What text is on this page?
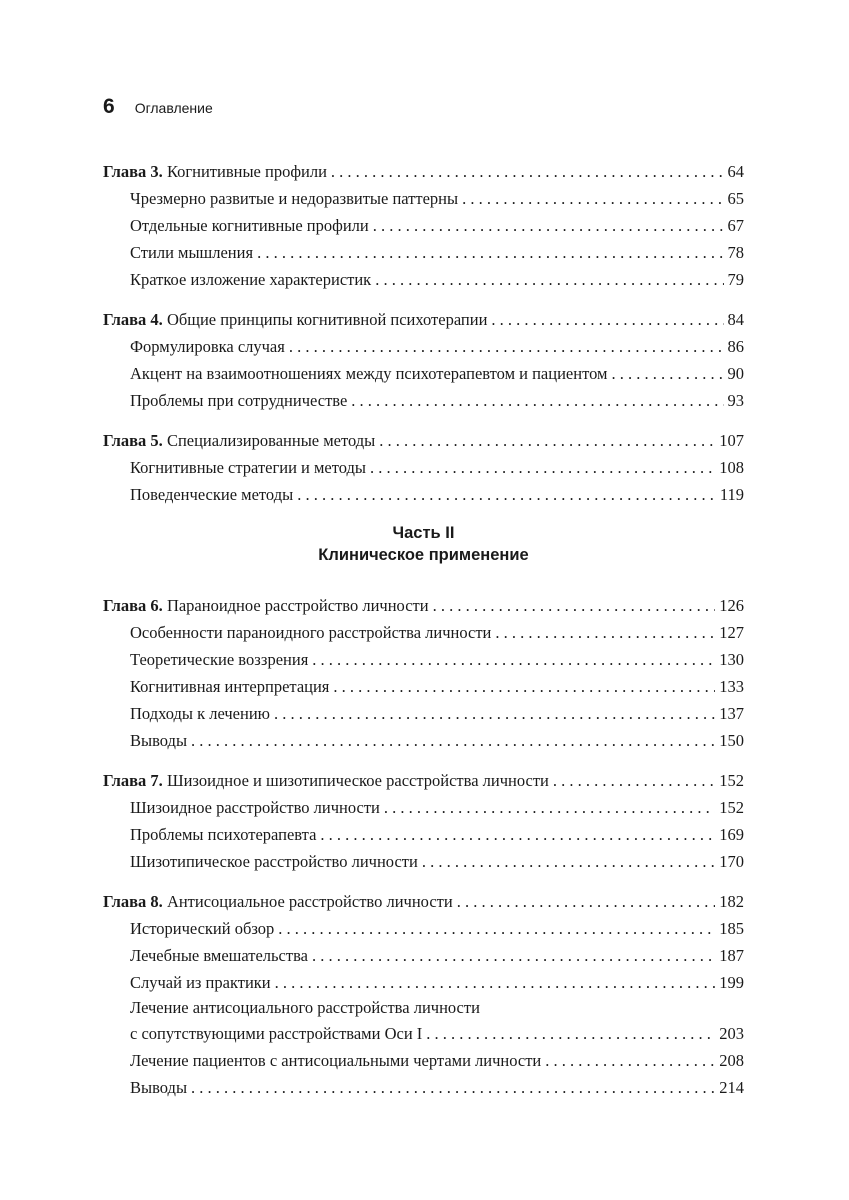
6 Оглавление
Глава 3. Когнитивные профили . . .	64
Чрезмерно развитые и недоразвитые паттерны . . .	65
Отдельные когнитивные профили . . .	67
Стили мышления . . .	78
Краткое изложение характеристик . . .	79
Глава 4. Общие принципы когнитивной психотерапии . . .	84
Формулировка случая . . .	86
Акцент на взаимоотношениях между психотерапевтом и пациентом . . .	90
Проблемы при сотрудничестве . . .	93
Глава 5. Специализированные методы . . .	107
Когнитивные стратегии и методы . . .	108
Поведенческие методы . . .	119
Часть II
Клиническое применение
Глава 6. Параноидное расстройство личности . . .	126
Особенности параноидного расстройства личности . . .	127
Теоретические воззрения . . .	130
Когнитивная интерпретация . . .	133
Подходы к лечению . . .	137
Выводы . . .	150
Глава 7. Шизоидное и шизотипическое расстройства личности . . .	152
Шизоидное расстройство личности . . .	152
Проблемы психотерапевта . . .	169
Шизотипическое расстройство личности . . .	170
Глава 8. Антисоциальное расстройство личности . . .	182
Исторический обзор . . .	185
Лечебные вмешательства . . .	187
Случай из практики . . .	199
Лечение антисоциального расстройства личности
с сопутствующими расстройствами Оси I . . .	203
Лечение пациентов с антисоциальными чертами личности . . .	208
Выводы . . .	214
